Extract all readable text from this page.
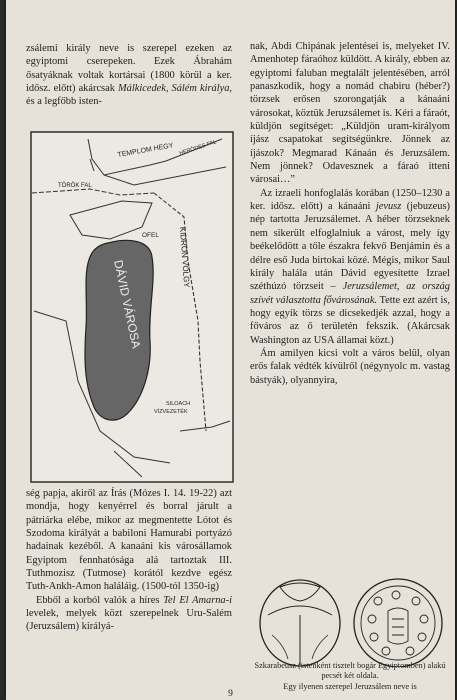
zsálemi király neve is szerepel ezeken az egyiptomi cserepeken. Ezek Ábrahám ősatyáknak voltak kortársai (1800 körül a ker. idősz. előtt) akárcsak Málkicedek, Sálém királya, és a legfőbb isten-

TEMPLOM HEGY HERÓDES FAL
TÖRÖK FAL
OFEL
DÁVID VÁROSA
KIDRON VÖLGY
SILOACH
VÍZVEZETÉK

ség papja, akiről az Írás (Mózes I. 14. 19-22) azt mondja, hogy kenyérrel és borral járult a pátriárka elébe, mikor az megmentette Lótot és Szodoma királyát a babiloni Hamurabi portyázó hadainak kezéből. A kanaáni kis városállamok Egyiptom fennhatósága alá tartoztak III. Tuthmozisz (Tutmose) korától kezdve egész Tuth-Ankh-Amon haláláig. (1500-tól 1350-ig)

Ebből a korból valók a híres Tel El Amarna-i levelek, melyek közt szerepelnek Uru-Salém (Jeruzsálem) királyá-

nak, Abdi Chipának jelentései is, melyeket IV. Amenhotep fáraóhoz küldött. A király, ebben az egyiptomi faluban megtalált jelentésében, arról panaszkodik, hogy a nomád chabiru (héber?) törzsek erősen szorongatják a kánaáni városokat, köztük Jeruzsálemet is. Kéri a fáraót, küldjön segítséget: „Küldjön uram-királyom íjász csapatokat segítségünkre. Jönnek az íjászok? Megmarad Kánaán és Jeruzsálem. Nem jönnek? Odavesznek a fáraó itteni városai…”

Az izraeli honfoglalás korában (1250–1230 a ker. idősz. előtt) a kánaáni jevusz (jebuzeus) nép tartotta Jeruzsálemet. A héber törzseknek nem sikerült elfoglalniuk a várost, mely így beékelődött a tőle északra fekvő Benjámin és a délre eső Juda birtokai közé. Mégis, mikor Saul király halála után Dávid egyesítette Izrael széthúzó törzseit – Jeruzsálemet, az ország szívét választotta fővárosának. Tette ezt azért is, hogy egyik törzs se dicsekedjék azzal, hogy a főváros az ő területén fekszik. (Akárcsak Washington az USA államai közt.)

Ám amilyen kicsi volt a város belül, olyan erős falak védték kívülről (négynyolc m. vastag bástyák), olyannyira,

Szkarabeusz (istenként tisztelt bogár Egyiptomben) alakú pecsét két oldala.
Egy ilyenen szerepel Jeruzsálem neve is
9
